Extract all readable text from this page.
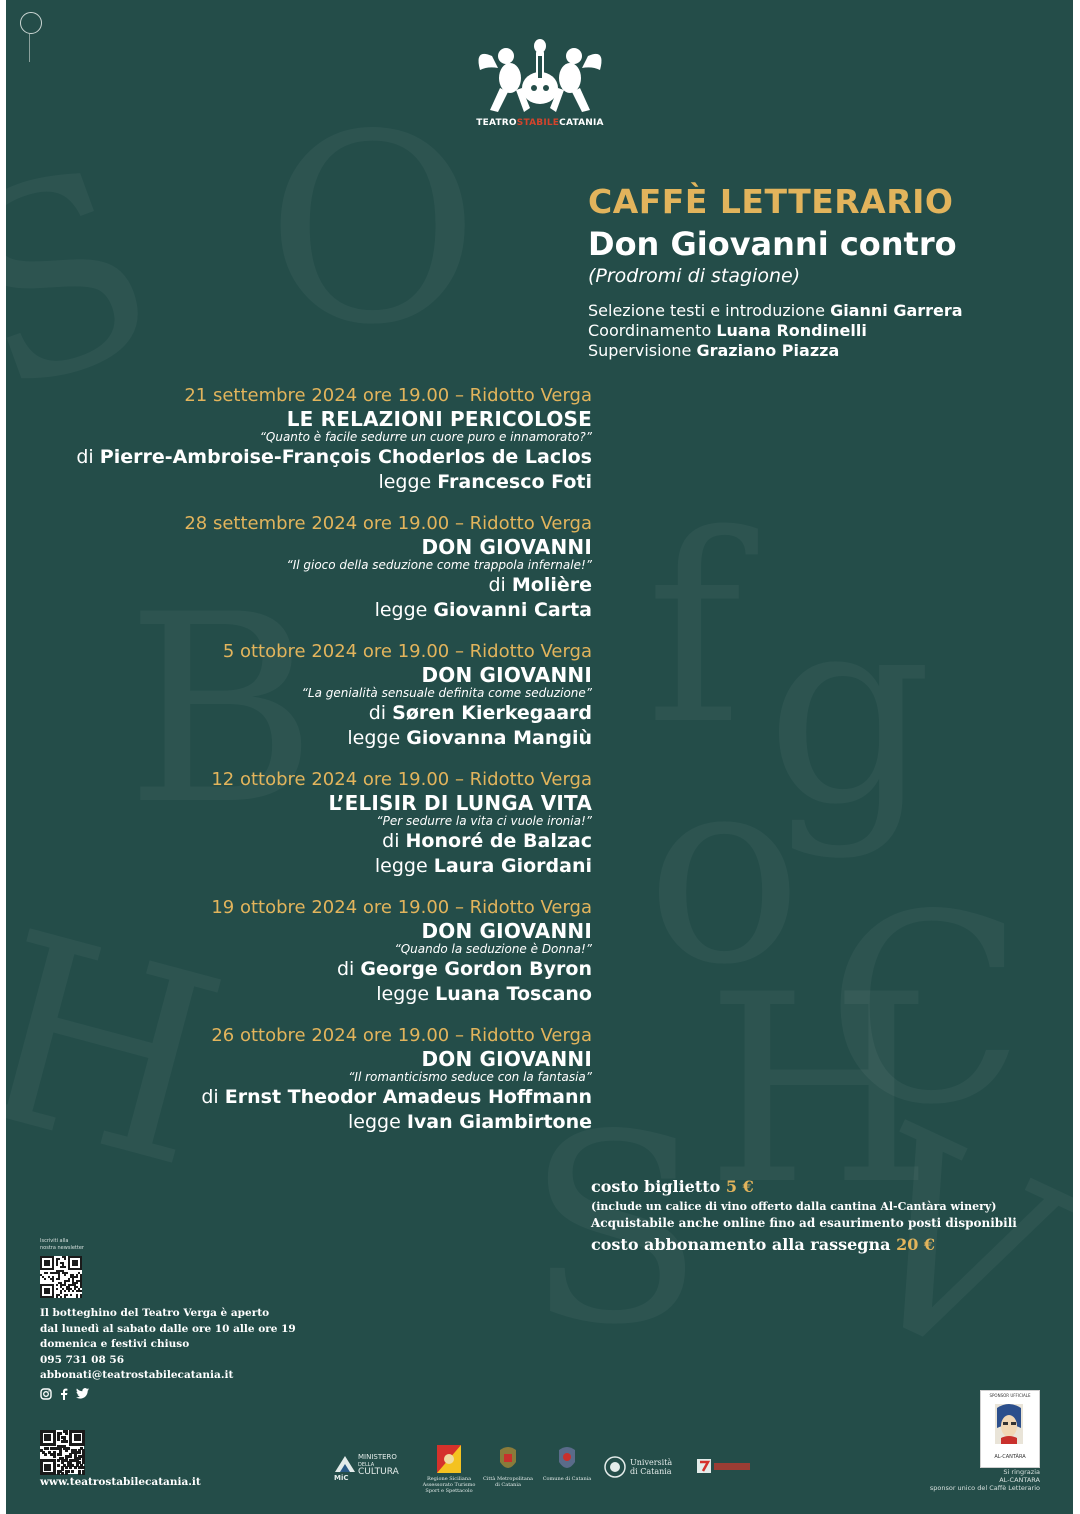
TEATROSTABILECATANIA
CAFFÈ LETTERARIO
Don Giovanni contro
(Prodromi di stagione)
Selezione testi e introduzione Gianni Garrera
Coordinamento Luana Rondinelli
Supervisione Graziano Piazza
21 settembre 2024 ore 19.00 – Ridotto Verga
LE RELAZIONI PERICOLOSE
“Quanto è facile sedurre un cuore puro e innamorato?”
di Pierre-Ambroise-François Choderlos de Laclos
legge Francesco Foti
28 settembre 2024 ore 19.00 – Ridotto Verga
DON GIOVANNI
“Il gioco della seduzione come trappola infernale!”
di Molière
legge Giovanni Carta
5 ottobre 2024 ore 19.00 – Ridotto Verga
DON GIOVANNI
“La genialità sensuale definita come seduzione”
di Søren Kierkegaard
legge Giovanna Mangiù
12 ottobre 2024 ore 19.00 – Ridotto Verga
L’ELISIR DI LUNGA VITA
“Per sedurre la vita ci vuole ironia!”
di Honoré de Balzac
legge Laura Giordani
19 ottobre 2024 ore 19.00 – Ridotto Verga
DON GIOVANNI
“Quando la seduzione è Donna!”
di George Gordon Byron
legge Luana Toscano
26 ottobre 2024 ore 19.00 – Ridotto Verga
DON GIOVANNI
“Il romanticismo seduce con la fantasia”
di Ernst Theodor Amadeus Hoffmann
legge Ivan Giambirtone
costo biglietto 5 €
(include un calice di vino offerto dalla cantina Al-Cantàra winery)
Acquistabile anche online fino ad esaurimento posti disponibili
costo abbonamento alla rassegna 20 €
Iscriviti alla
nostra newsletter
Il botteghino del Teatro Verga è aperto
dal lunedì al sabato dalle ore 10 alle ore 19
domenica e festivi chiuso
095 731 08 56
abbonati@teatrostabilecatania.it
www.teatrostabilecatania.it
MINISTERO
DELLA
CULTURA
MiC	Regione Siciliana
Assessorato Turismo
Sport e Spettacolo
Città Metropolitana
di Catania
Comune di Catania
Università
di Catania
SPONSOR UFFICIALE
AL-CANTÀRA
Si ringrazia
AL-CANTARA
sponsor unico del Caffè Letterario
